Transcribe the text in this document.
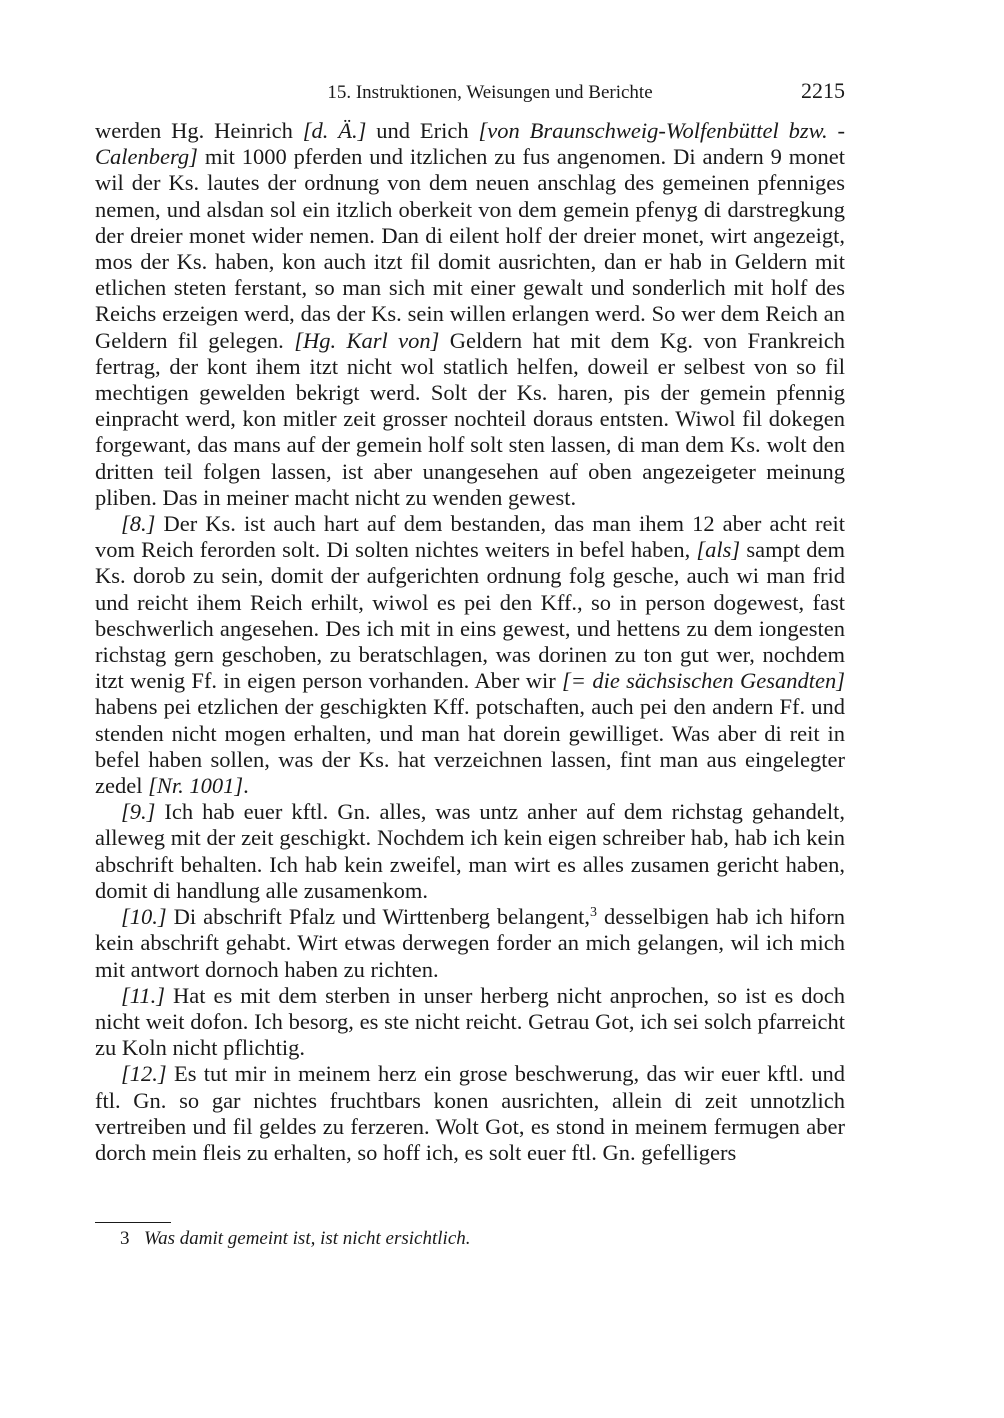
15. Instruktionen, Weisungen und Berichte	2215

werden Hg. Heinrich [d. Ä.] und Erich [von Braunschweig-Wolfenbüttel bzw. -Calenberg] mit 1000 pferden und itzlichen zu fus angenomen. Di andern 9 monet wil der Ks. lautes der ordnung von dem neuen anschlag des gemeinen pfenniges nemen, und alsdan sol ein itzlich oberkeit von dem gemein pfenyg di darstregkung der dreier monet wider nemen. Dan di eilent holf der dreier monet, wirt angezeigt, mos der Ks. haben, kon auch itzt fil domit ausrichten, dan er hab in Geldern mit etlichen steten ferstant, so man sich mit einer gewalt und sonderlich mit holf des Reichs erzeigen werd, das der Ks. sein willen erlangen werd. So wer dem Reich an Geldern fil gelegen. [Hg. Karl von] Geldern hat mit dem Kg. von Frankreich fertrag, der kont ihem itzt nicht wol statlich helfen, doweil er selbest von so fil mechtigen gewelden bekrigt werd. Solt der Ks. haren, pis der gemein pfennig einpracht werd, kon mitler zeit grosser nochteil doraus entsten. Wiwol fil dokegen forgewant, das mans auf der gemein holf solt sten lassen, di man dem Ks. wolt den dritten teil folgen lassen, ist aber unangesehen auf oben angezeigeter meinung pliben. Das in meiner macht nicht zu wenden gewest.

[8.] Der Ks. ist auch hart auf dem bestanden, das man ihem 12 aber acht reit vom Reich ferorden solt. Di solten nichtes weiters in befel haben, [als] sampt dem Ks. dorob zu sein, domit der aufgerichten ordnung folg gesche, auch wi man frid und reicht ihem Reich erhilt, wiwol es pei den Kff., so in person dogewest, fast beschwerlich angesehen. Des ich mit in eins gewest, und hettens zu dem iongesten richstag gern geschoben, zu beratschlagen, was dorinen zu ton gut wer, nochdem itzt wenig Ff. in eigen person vorhanden. Aber wir [= die sächsischen Gesandten] habens pei etzlichen der geschigkten Kff. potschaften, auch pei den andern Ff. und stenden nicht mogen erhalten, und man hat dorein gewilliget. Was aber di reit in befel haben sollen, was der Ks. hat verzeichnen lassen, fint man aus eingelegter zedel [Nr. 1001].

[9.] Ich hab euer kftl. Gn. alles, was untz anher auf dem richstag gehandelt, alleweg mit der zeit geschigkt. Nochdem ich kein eigen schreiber hab, hab ich kein abschrift behalten. Ich hab kein zweifel, man wirt es alles zusamen gericht haben, domit di handlung alle zusamenkom.

[10.] Di abschrift Pfalz und Wirttenberg belangent,$^3$ desselbigen hab ich hiforn kein abschrift gehabt. Wirt etwas derwegen forder an mich gelangen, wil ich mich mit antwort dornoch haben zu richten.

[11.] Hat es mit dem sterben in unser herberg nicht anprochen, so ist es doch nicht weit dofon. Ich besorg, es ste nicht reicht. Getrau Got, ich sei solch pfarreicht zu Koln nicht pflichtig.

[12.] Es tut mir in meinem herz ein grose beschwerung, das wir euer kftl. und ftl. Gn. so gar nichtes fruchtbars konen ausrichten, allein di zeit unnotzlich vertreiben und fil geldes zu ferzeren. Wolt Got, es stond in meinem fermugen aber dorch mein fleis zu erhalten, so hoff ich, es solt euer ftl. Gn. gefelligers

3 Was damit gemeint ist, ist nicht ersichtlich.
